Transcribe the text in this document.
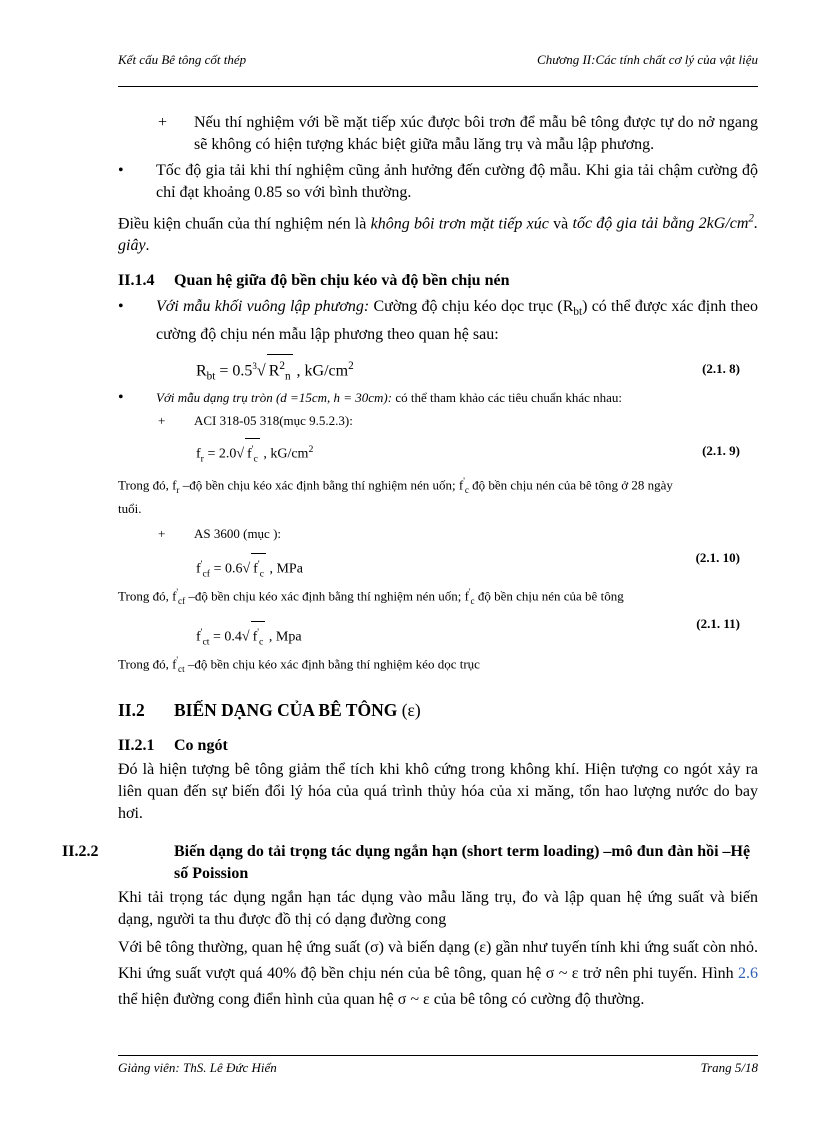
Kết cấu Bê tông cốt thép	Chương II:Các tính chất cơ lý của vật liệu
+ Nếu thí nghiệm với bề mặt tiếp xúc được bôi trơn để mẫu bê tông được tự do nở ngang sẽ không có hiện tượng khác biệt giữa mẫu lăng trụ và mẫu lập phương.
• Tốc độ gia tải khi thí nghiệm cũng ảnh hưởng đến cường độ mẫu. Khi gia tải chậm cường độ chỉ đạt khoảng 0.85 so với bình thường.
Điều kiện chuẩn của thí nghiệm nén là không bôi trơn mặt tiếp xúc và tốc độ gia tải bằng $2kG/cm^2$. giây.
II.1.4 Quan hệ giữa độ bền chịu kéo và độ bền chịu nén
• Với mẫu khối vuông lập phương: Cường độ chịu kéo dọc trục $(R_{bt})$ có thể được xác định theo cường độ chịu nén mẫu lập phương theo quan hệ sau:
$R_{bt} = 0.5^3√$ $R^2_n$ , $kG/cm^2$	(2.1. 8)
• Với mẫu dạng trụ tròn (d =15cm, h = 30cm): có thể tham khảo các tiêu chuẩn khác nhau:
+ ACI 318-05 318(mục 9.5.2.3):
$f_r = 2.0√$ $f'_c$ , $kG/cm^2$	(2.1. 9)
Trong đó, $f_r$ –độ bền chịu kéo xác định bằng thí nghiệm nén uốn; $f'_c$ độ bền chịu nén của bê tông ở 28 ngày tuổi.
+ AS 3600 (mục ):
$f'_{cf} = 0.6√$ $f'_c$ , MPa
(2.1. 10)
Trong đó, $f'_{cf}$ –độ bền chịu kéo xác định bằng thí nghiệm nén uốn; $f'_c$ độ bền chịu nén của bê tông
$f'_{ct} = 0.4√$ $f'_c$ , Mpa
(2.1. 11)
Trong đó, $f'_{ct}$ –độ bền chịu kéo xác định bằng thí nghiệm kéo dọc trục
II.2 BIẾN DẠNG CỦA BÊ TÔNG (ε)
II.2.1 Co ngót

Đó là hiện tượng bê tông giảm thể tích khi khô cứng trong không khí. Hiện tượng co ngót xảy ra liên quan đến sự biến đổi lý hóa của quá trình thủy hóa của xi măng, tổn hao lượng nước do bay hơi.

II.2.2	Biến dạng do tải trọng tác dụng ngắn hạn (short term loading) –mô đun đàn hồi –Hệ số Poission

Khi tải trọng tác dụng ngắn hạn tác dụng vào mẫu lăng trụ, đo và lập quan hệ ứng suất và biến dạng, người ta thu được đồ thị có dạng đường cong

Với bê tông thường, quan hệ ứng suất (σ) và biến dạng (ε) gần như tuyến tính khi ứng suất còn nhỏ. Khi ứng suất vượt quá 40% độ bền chịu nén của bê tông, quan hệ σ ~ ε trở nên phi tuyến. Hình 2.6 thể hiện đường cong điển hình của quan hệ σ ~ ε của bê tông có cường độ thường.

Giảng viên: ThS. Lê Đức Hiển	Trang 5/18
